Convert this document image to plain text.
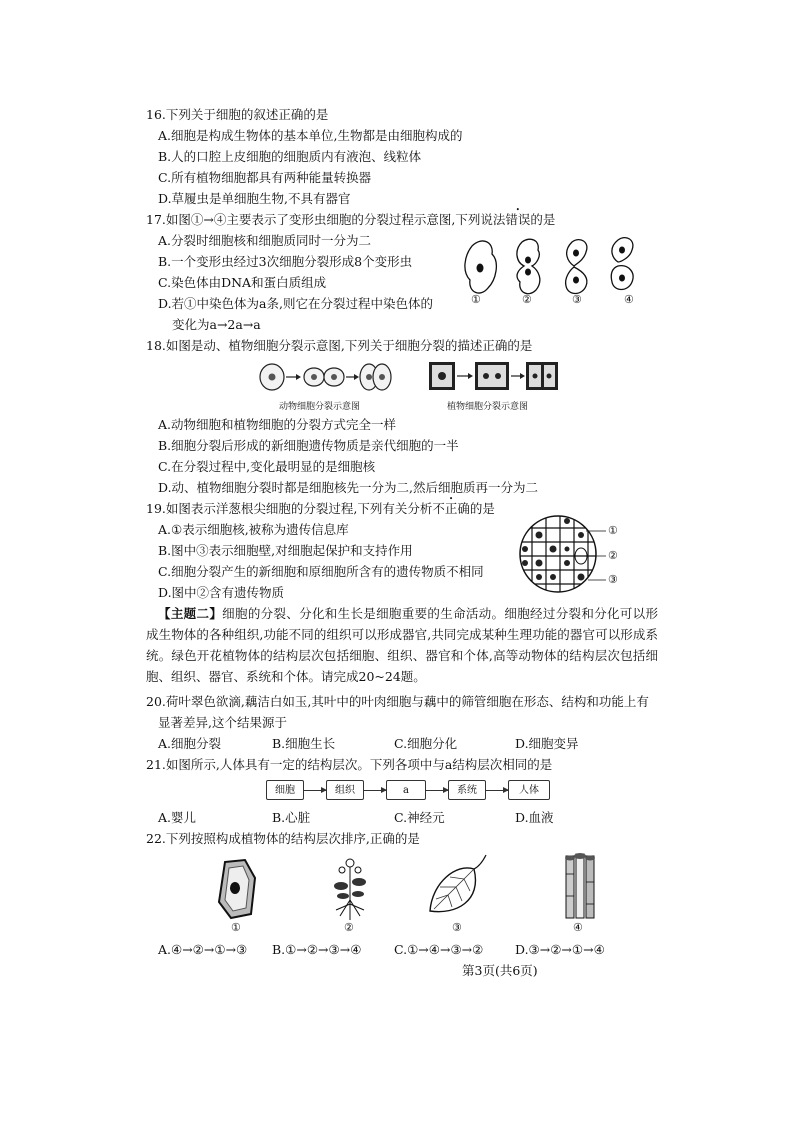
16.下列关于细胞的叙述正确的是
A.细胞是构成生物体的基本单位,生物都是由细胞构成的
B.人的口腔上皮细胞的细胞质内有液泡、线粒体
C.所有植物细胞都具有两种能量转换器
D.草履虫是单细胞生物,不具有器官
17.如图①→④主要表示了变形虫细胞的分裂过程示意图,下列说法错误的是
A.分裂时细胞核和细胞质同时一分为二
B.一个变形虫经过3次细胞分裂形成8个变形虫
C.染色体由DNA和蛋白质组成
D.若①中染色体为a条,则它在分裂过程中染色体的
变化为a→2a→a
①	②	③	④
18.如图是动、植物细胞分裂示意图,下列关于细胞分裂的描述正确的是
动物细胞分裂示意图	植物细胞分裂示意图
A.动物细胞和植物细胞的分裂方式完全一样
B.细胞分裂后形成的新细胞遗传物质是亲代细胞的一半
C.在分裂过程中,变化最明显的是细胞核
D.动、植物细胞分裂时都是细胞核先一分为二,然后细胞质再一分为二
19.如图表示洋葱根尖细胞的分裂过程,下列有关分析不正确的是
A.①表示细胞核,被称为遗传信息库
B.图中③表示细胞壁,对细胞起保护和支持作用
C.细胞分裂产生的新细胞和原细胞所含有的遗传物质不相同
D.图中②含有遗传物质
①
②
③
【主题二】细胞的分裂、分化和生长是细胞重要的生命活动。细胞经过分裂和分化可以形成生物体的各种组织,功能不同的组织可以形成器官,共同完成某种生理功能的器官可以形成系统。绿色开花植物体的结构层次包括细胞、组织、器官和个体,高等动物体的结构层次包括细胞、组织、器官、系统和个体。请完成20~24题。
20.荷叶翠色欲滴,藕洁白如玉,其叶中的叶肉细胞与藕中的筛管细胞在形态、结构和功能上有
显著差异,这个结果源于
A.细胞分裂	B.细胞生长	C.细胞分化	D.细胞变异
21.如图所示,人体具有一定的结构层次。下列各项中与a结构层次相同的是
细胞	组织	a	系统	人体
A.婴儿	B.心脏	C.神经元	D.血液
22.下列按照构成植物体的结构层次排序,正确的是
①	②	③	④
A.④→②→①→③ B.①→②→③→④	C.①→④→③→②	D.③→②→①→④
第3页(共6页)
